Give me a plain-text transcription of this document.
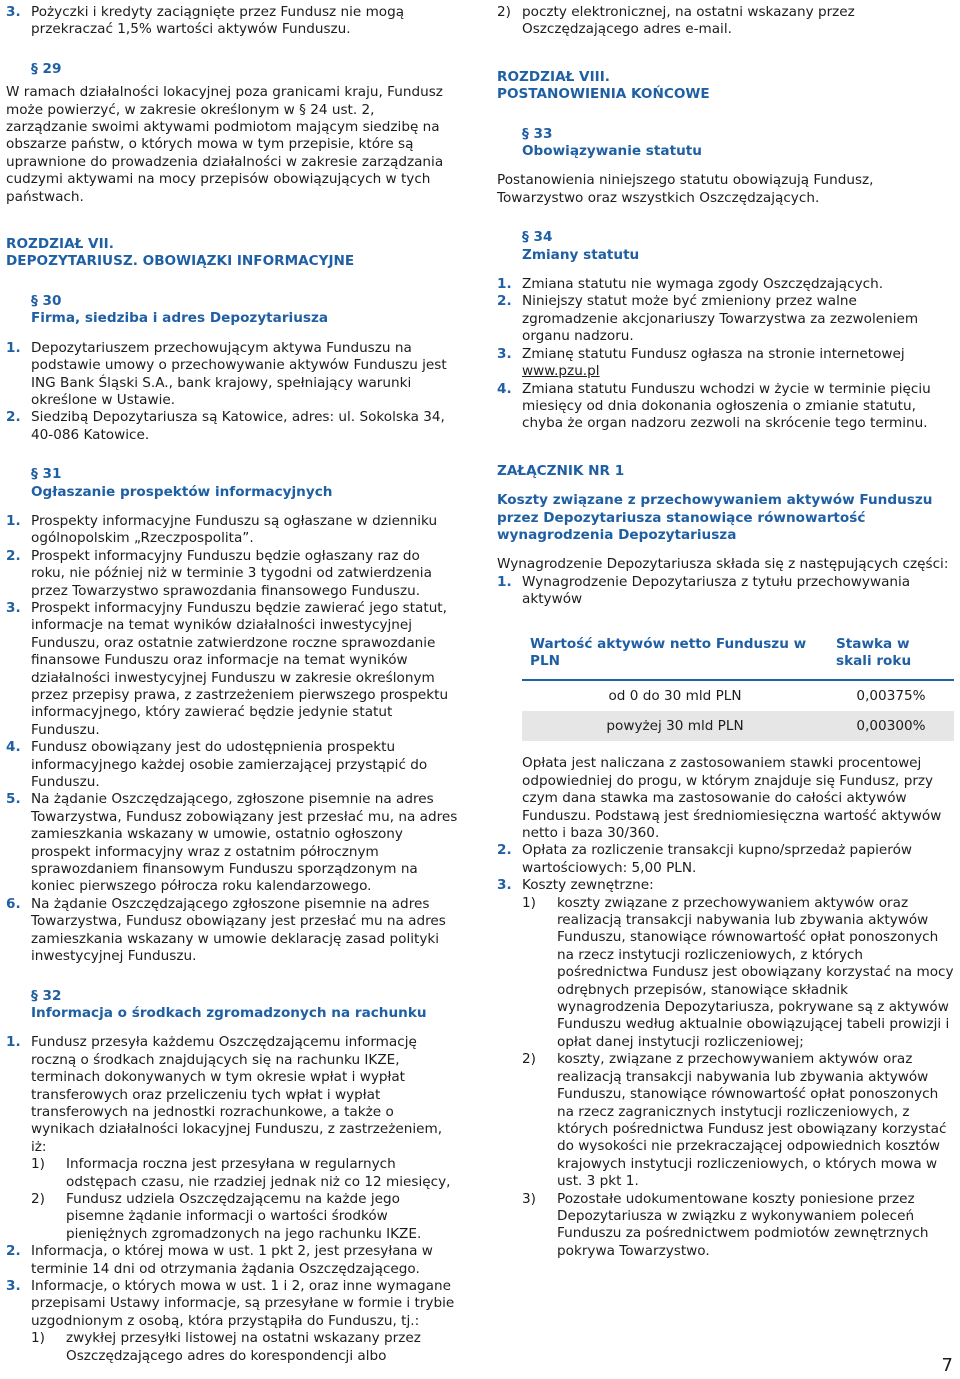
3. Pożyczki i kredyty zaciągnięte przez Fundusz nie mogą przekraczać 1,5% wartości aktywów Funduszu.

§ 29

W ramach działalności lokacyjnej poza granicami kraju, Fundusz może powierzyć, w zakresie określonym w § 24 ust. 2, zarządzanie swoimi aktywami podmiotom mającym siedzibę na obszarze państw, o których mowa w tym przepisie, które są uprawnione do prowadzenia działalności w zakresie zarządzania cudzymi aktywami na mocy przepisów obowiązujących w tych państwach.

ROZDZIAŁ VII.

DEPOZYTARIUSZ. OBOWIĄZKI INFORMACYJNE

§ 30

Firma, siedziba i adres Depozytariusza

1. Depozytariuszem przechowującym aktywa Funduszu na podstawie umowy o przechowywanie aktywów Funduszu jest ING Bank Śląski S.A., bank krajowy, spełniający warunki określone w Ustawie.

2. Siedzibą Depozytariusza są Katowice, adres: ul. Sokolska 34, 40-086 Katowice.

§ 31

Ogłaszanie prospektów informacyjnych

1. Prospekty informacyjne Funduszu są ogłaszane w dzienniku ogólnopolskim „Rzeczpospolita”.

2. Prospekt informacyjny Funduszu będzie ogłaszany raz do roku, nie później niż w terminie 3 tygodni od zatwierdzenia przez Towarzystwo sprawozdania finansowego Funduszu.

3. Prospekt informacyjny Funduszu będzie zawierać jego statut, informacje na temat wyników działalności inwestycyjnej Funduszu, oraz ostatnie zatwierdzone roczne sprawozdanie finansowe Funduszu oraz informacje na temat wyników działalności inwestycyjnej Funduszu w zakresie określonym przez przepisy prawa, z zastrzeżeniem pierwszego prospektu informacyjnego, który zawierać będzie jedynie statut Funduszu.

4. Fundusz obowiązany jest do udostępnienia prospektu informacyjnego każdej osobie zamierzającej przystąpić do Funduszu.

5. Na żądanie Oszczędzającego, zgłoszone pisemnie na adres Towarzystwa, Fundusz zobowiązany jest przesłać mu, na adres zamieszkania wskazany w umowie, ostatnio ogłoszony prospekt informacyjny wraz z ostatnim półrocznym sprawozdaniem finansowym Funduszu sporządzonym na koniec pierwszego półrocza roku kalendarzowego.

6. Na żądanie Oszczędzającego zgłoszone pisemnie na adres Towarzystwa, Fundusz obowiązany jest przesłać mu na adres zamieszkania wskazany w umowie deklarację zasad polityki inwestycyjnej Funduszu.

§ 32

Informacja o środkach zgromadzonych na rachunku

1. Fundusz przesyła każdemu Oszczędzającemu informację roczną o środkach znajdujących się na rachunku IKZE, terminach dokonywanych w tym okresie wpłat i wypłat transferowych oraz przeliczeniu tych wpłat i wypłat transferowych na jednostki rozrachunkowe, a także o wynikach działalności lokacyjnej Funduszu, z zastrzeżeniem, iż:

1) Informacja roczna jest przesyłana w regularnych odstępach czasu, nie rzadziej jednak niż co 12 miesięcy,

2) Fundusz udziela Oszczędzającemu na każde jego pisemne żądanie informacji o wartości środków pieniężnych zgromadzonych na jego rachunku IKZE.

2. Informacja, o której mowa w ust. 1 pkt 2, jest przesyłana w terminie 14 dni od otrzymania żądania Oszczędzającego.

3. Informacje, o których mowa w ust. 1 i 2, oraz inne wymagane przepisami Ustawy informacje, są przesyłane w formie i trybie uzgodnionym z osobą, która przystąpiła do Funduszu, tj.:

1) zwykłej przesyłki listowej na ostatni wskazany przez Oszczędzającego adres do korespondencji albo

2) poczty elektronicznej, na ostatni wskazany przez Oszczędzającego adres e-mail.

ROZDZIAŁ VIII.

POSTANOWIENIA KOŃCOWE

§ 33

Obowiązywanie statutu

Postanowienia niniejszego statutu obowiązują Fundusz, Towarzystwo oraz wszystkich Oszczędzających.

§ 34

Zmiany statutu

1. Zmiana statutu nie wymaga zgody Oszczędzających.

2. Niniejszy statut może być zmieniony przez walne zgromadzenie akcjonariuszy Towarzystwa za zezwoleniem organu nadzoru.

3. Zmianę statutu Fundusz ogłasza na stronie internetowej www.pzu.pl

4. Zmiana statutu Funduszu wchodzi w życie w terminie pięciu miesięcy od dnia dokonania ogłoszenia o zmianie statutu, chyba że organ nadzoru zezwoli na skrócenie tego terminu.

ZAŁĄCZNIK NR 1

Koszty związane z przechowywaniem aktywów Funduszu przez Depozytariusza stanowiące równowartość wynagrodzenia Depozytariusza

Wynagrodzenie Depozytariusza składa się z następujących części:

1. Wynagrodzenie Depozytariusza z tytułu przechowywania aktywów

Wartość aktywów netto Funduszu w PLN	Stawka w skali roku
od 0 do 30 mld PLN	0,00375%
powyżej 30 mld PLN	0,00300%

Opłata jest naliczana z zastosowaniem stawki procentowej odpowiedniej do progu, w którym znajduje się Fundusz, przy czym dana stawka ma zastosowanie do całości aktywów Funduszu. Podstawą jest średniomiesięczna wartość aktywów netto i baza 30/360.

2. Opłata za rozliczenie transakcji kupno/sprzedaż papierów wartościowych: 5,00 PLN.

3. Koszty zewnętrzne:

1) koszty związane z przechowywaniem aktywów oraz realizacją transakcji nabywania lub zbywania aktywów Funduszu, stanowiące równowartość opłat ponoszonych na rzecz instytucji rozliczeniowych, z których pośrednictwa Fundusz jest obowiązany korzystać na mocy odrębnych przepisów, stanowiące składnik wynagrodzenia Depozytariusza, pokrywane są z aktywów Funduszu według aktualnie obowiązującej tabeli prowizji i opłat danej instytucji rozliczeniowej;

2) koszty, związane z przechowywaniem aktywów oraz realizacją transakcji nabywania lub zbywania aktywów Funduszu, stanowiące równowartość opłat ponoszonych na rzecz zagranicznych instytucji rozliczeniowych, z których pośrednictwa Fundusz jest obowiązany korzystać do wysokości nie przekraczającej odpowiednich kosztów krajowych instytucji rozliczeniowych, o których mowa w ust. 3 pkt 1.

3) Pozostałe udokumentowane koszty poniesione przez Depozytariusza w związku z wykonywaniem poleceń Funduszu za pośrednictwem podmiotów zewnętrznych pokrywa Towarzystwo.

7
